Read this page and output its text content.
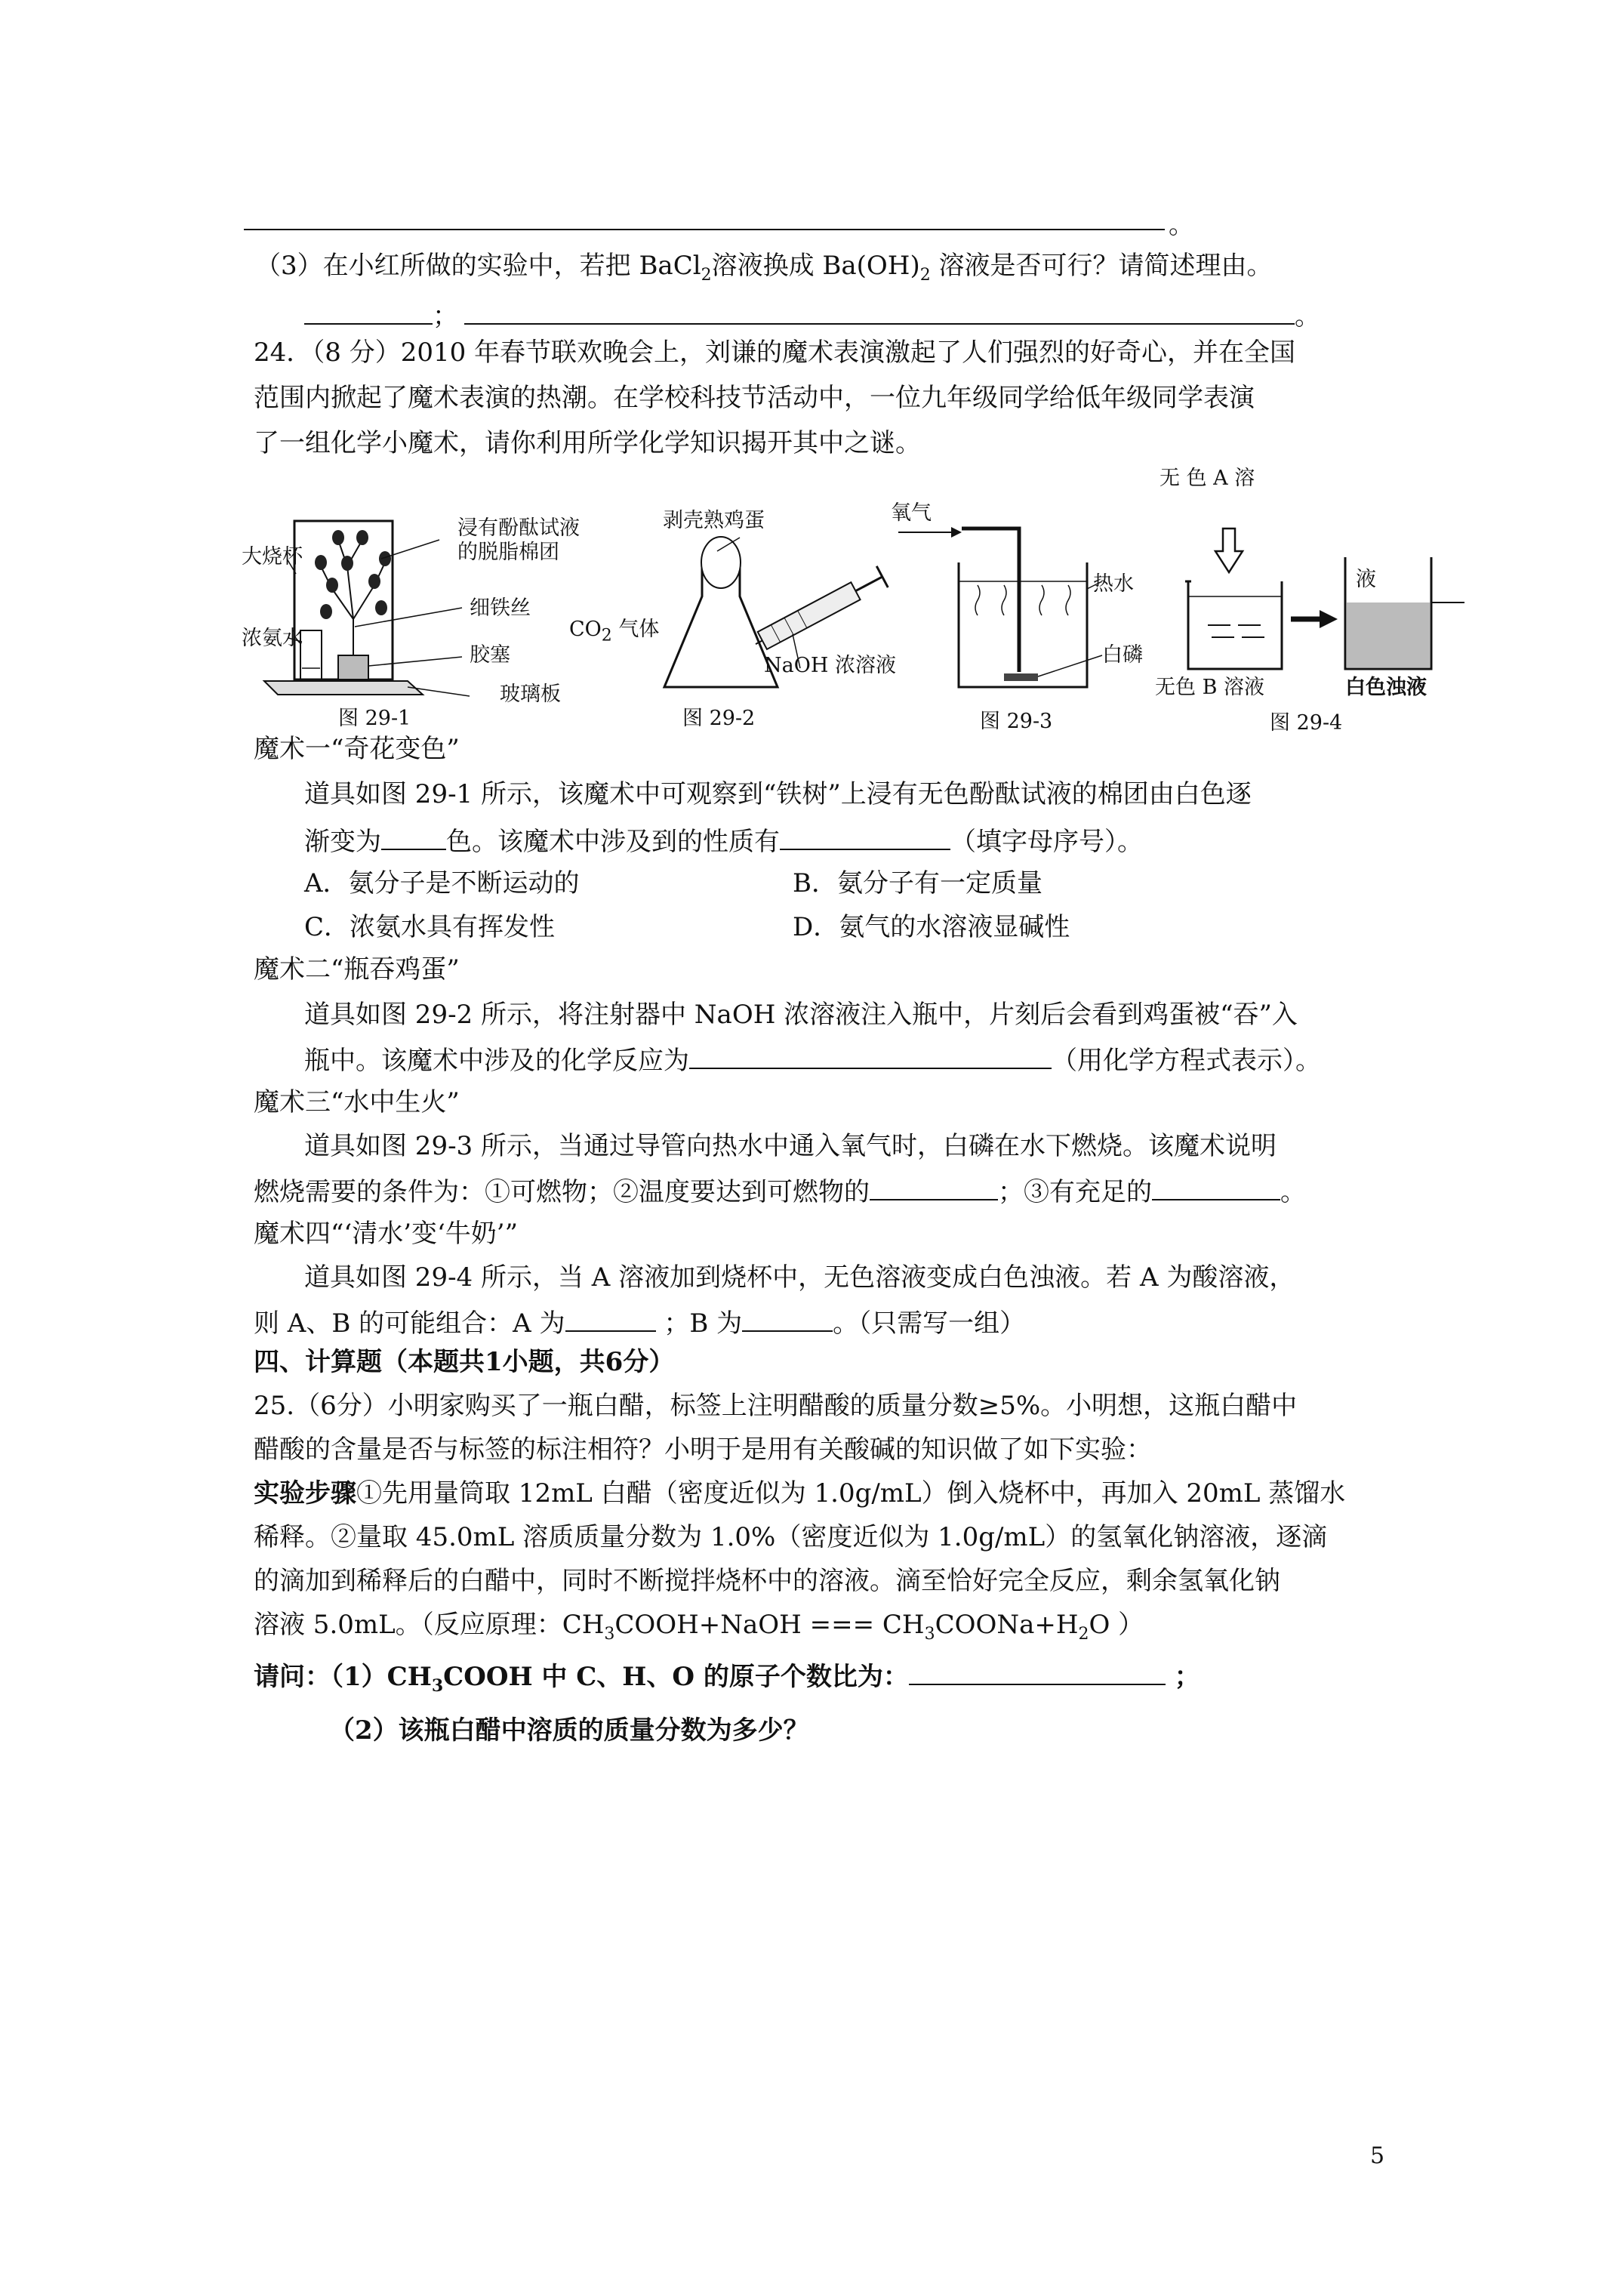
。
（3）在小红所做的实验中，若把 BaCl$_2$溶液换成 $Ba(OH)_2$ 溶液是否可行？请简述理由。
；	。
24．（8 分）2010 年春节联欢晚会上，刘谦的魔术表演激起了人们强烈的好奇心，并在全国
范围内掀起了魔术表演的热潮。在学校科技节活动中，一位九年级同学给低年级同学表演
了一组化学小魔术，请你利用所学化学知识揭开其中之谜。
大烧杯
浓氨水
浸有酚酞试液
的脱脂棉团
细铁丝
胶塞
玻璃板
图 29-1
剥壳熟鸡蛋
$CO_2$ 气体
NaOH 浓溶液
图 29-2
氧气
热水
白磷
图 29-3
无 色 A 溶
液
无色 B 溶液	白色浊液
图 29-4
魔术一“奇花变色”
道具如图 29-1 所示，该魔术中可观察到“铁树”上浸有无色酚酞试液的棉团由白色逐
渐变为	色。该魔术中涉及到的性质有	（填字母序号）。
A．氨分子是不断运动的	B．氨分子有一定质量
C．浓氨水具有挥发性	D．氨气的水溶液显碱性
魔术二“瓶吞鸡蛋”
道具如图 29-2 所示，将注射器中 NaOH 浓溶液注入瓶中，片刻后会看到鸡蛋被“吞”入
瓶中。该魔术中涉及的化学反应为	（用化学方程式表示）。
魔术三“水中生火”
道具如图 29-3 所示，当通过导管向热水中通入氧气时，白磷在水下燃烧。该魔术说明
燃烧需要的条件为：①可燃物；②温度要达到可燃物的	；③有充足的	。
魔术四“‘清水’变‘牛奶’”
道具如图 29-4 所示，当 A 溶液加到烧杯中，无色溶液变成白色浊液。若 A 为酸溶液，
则 A、B 的可能组合：A 为	；B 为	。（只需写一组）
四、计算题（本题共1小题，共6分）
25.（6分）小明家购买了一瓶白醋，标签上注明醋酸的质量分数≥5%。小明想，这瓶白醋中
醋酸的含量是否与标签的标注相符？小明于是用有关酸碱的知识做了如下实验：
实验步骤①先用量筒取 12mL 白醋（密度近似为 1.0g/mL）倒入烧杯中，再加入 20mL 蒸馏水
稀释。②量取 45.0mL 溶质质量分数为 1.0%（密度近似为 1.0g/mL）的氢氧化钠溶液，逐滴
的滴加到稀释后的白醋中，同时不断搅拌烧杯中的溶液。滴至恰好完全反应，剩余氢氧化钠
溶液 5.0mL。（反应原理：$CH_3COOH+NaOH$ === $CH_3COONa+H_2O$ ）
请问：$(1)CH_3COOH$ 中 C、H、O 的原子个数比为：	；
（2）该瓶白醋中溶质的质量分数为多少？
5
